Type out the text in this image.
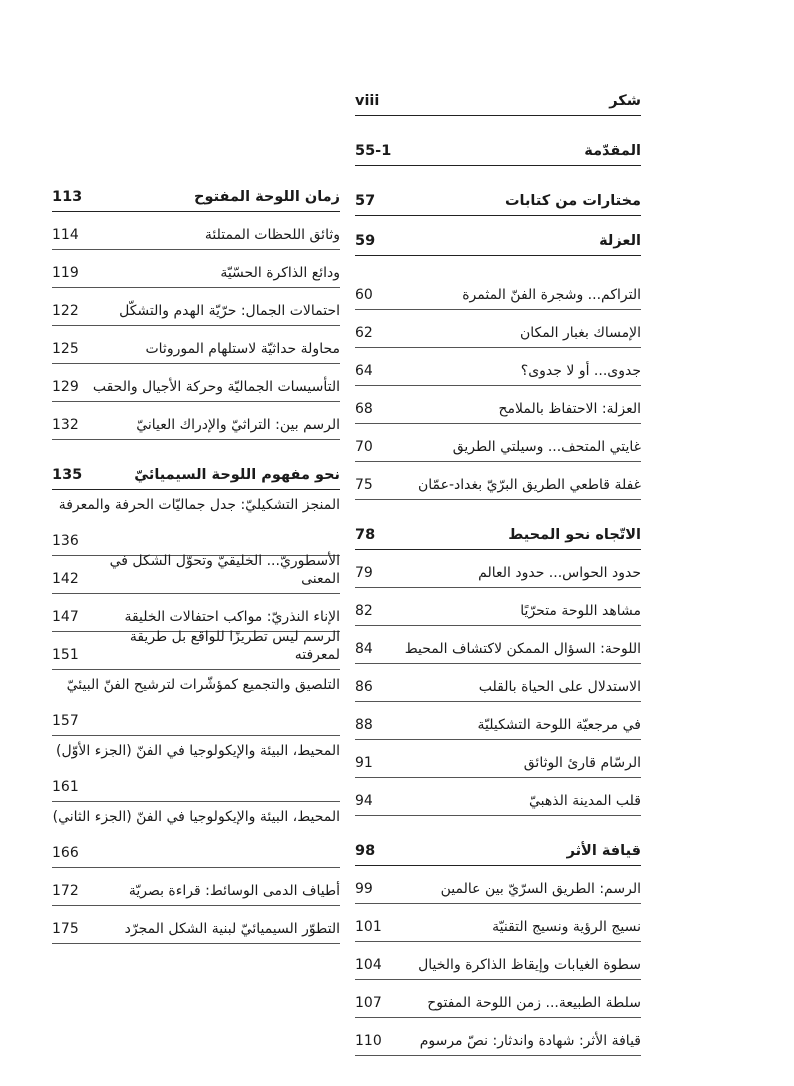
شكر
viii
المقدّمة
55-1
مختارات من كتابات
57
العزلة
59
التراكم... وشجرة الفنّ المثمرة
60
الإمساك بغبار المكان
62
جدوى... أو لا جدوى؟
64
العزلة: الاحتفاظ بالملامح
68
غايتي المتحف... وسيلتي الطريق
70
غفلة قاطعي الطريق البرّيّ بغداد-عمّان
75
الاتّجاه نحو المحيط
78
حدود الحواس... حدود العالم
79
مشاهد اللوحة متحرّيًا
82
اللوحة: السؤال الممكن لاكتشاف المحيط
84
الاستدلال على الحياة بالقلب
86
في مرجعيّة اللوحة التشكيليّة
88
الرسّام قارئ الوثائق
91
قلب المدينة الذهبيّ
94
قيافة الأثر
98
الرسم: الطريق السرّيّ بين عالمين
99
نسيج الرؤية ونسيج التقنيّة
101
سطوة الغيابات وإيقاظ الذاكرة والخيال
104
سلطة الطبيعة... زمن اللوحة المفتوح
107
قيافة الأثر: شهادة واندثار: نصّ مرسوم
110
زمان اللوحة المفتوح
113
وثائق اللحظات الممتلئة
114
ودائع الذاكرة الحسّيّة
119
احتمالات الجمال: حرّيّة الهدم والتشكّل
122
محاولة حداثيّة لاستلهام الموروثات
125
التأسيسات الجماليّة وحركة الأجيال والحقب
129
الرسم بين: التراثيّ والإدراك العيانيّ
132
نحو مفهوم اللوحة السيميائيّ
135
المنجز التشكيليّ: جدل جماليّات الحرفة والمعرفة
136
الأسطوريّ... الخليقيّ وتحوّل الشكل في المعنى
142
الإناء النذريّ: مواكب احتفالات الخليقة
147
الرسم ليس تطريزًا للواقع بل طريقة لمعرفته
151
التلصيق والتجميع كمؤشّرات لترشيح الفنّ البيئيّ
157
المحيط، البيئة والإيكولوجيا في الفنّ (الجزء الأوّل)
161
المحيط، البيئة والإيكولوجيا في الفنّ (الجزء الثاني)
166
أطياف الدمى الوسائط: قراءة بصريّة
172
التطوّر السيميائيّ لبنية الشكل المجرّد
175
